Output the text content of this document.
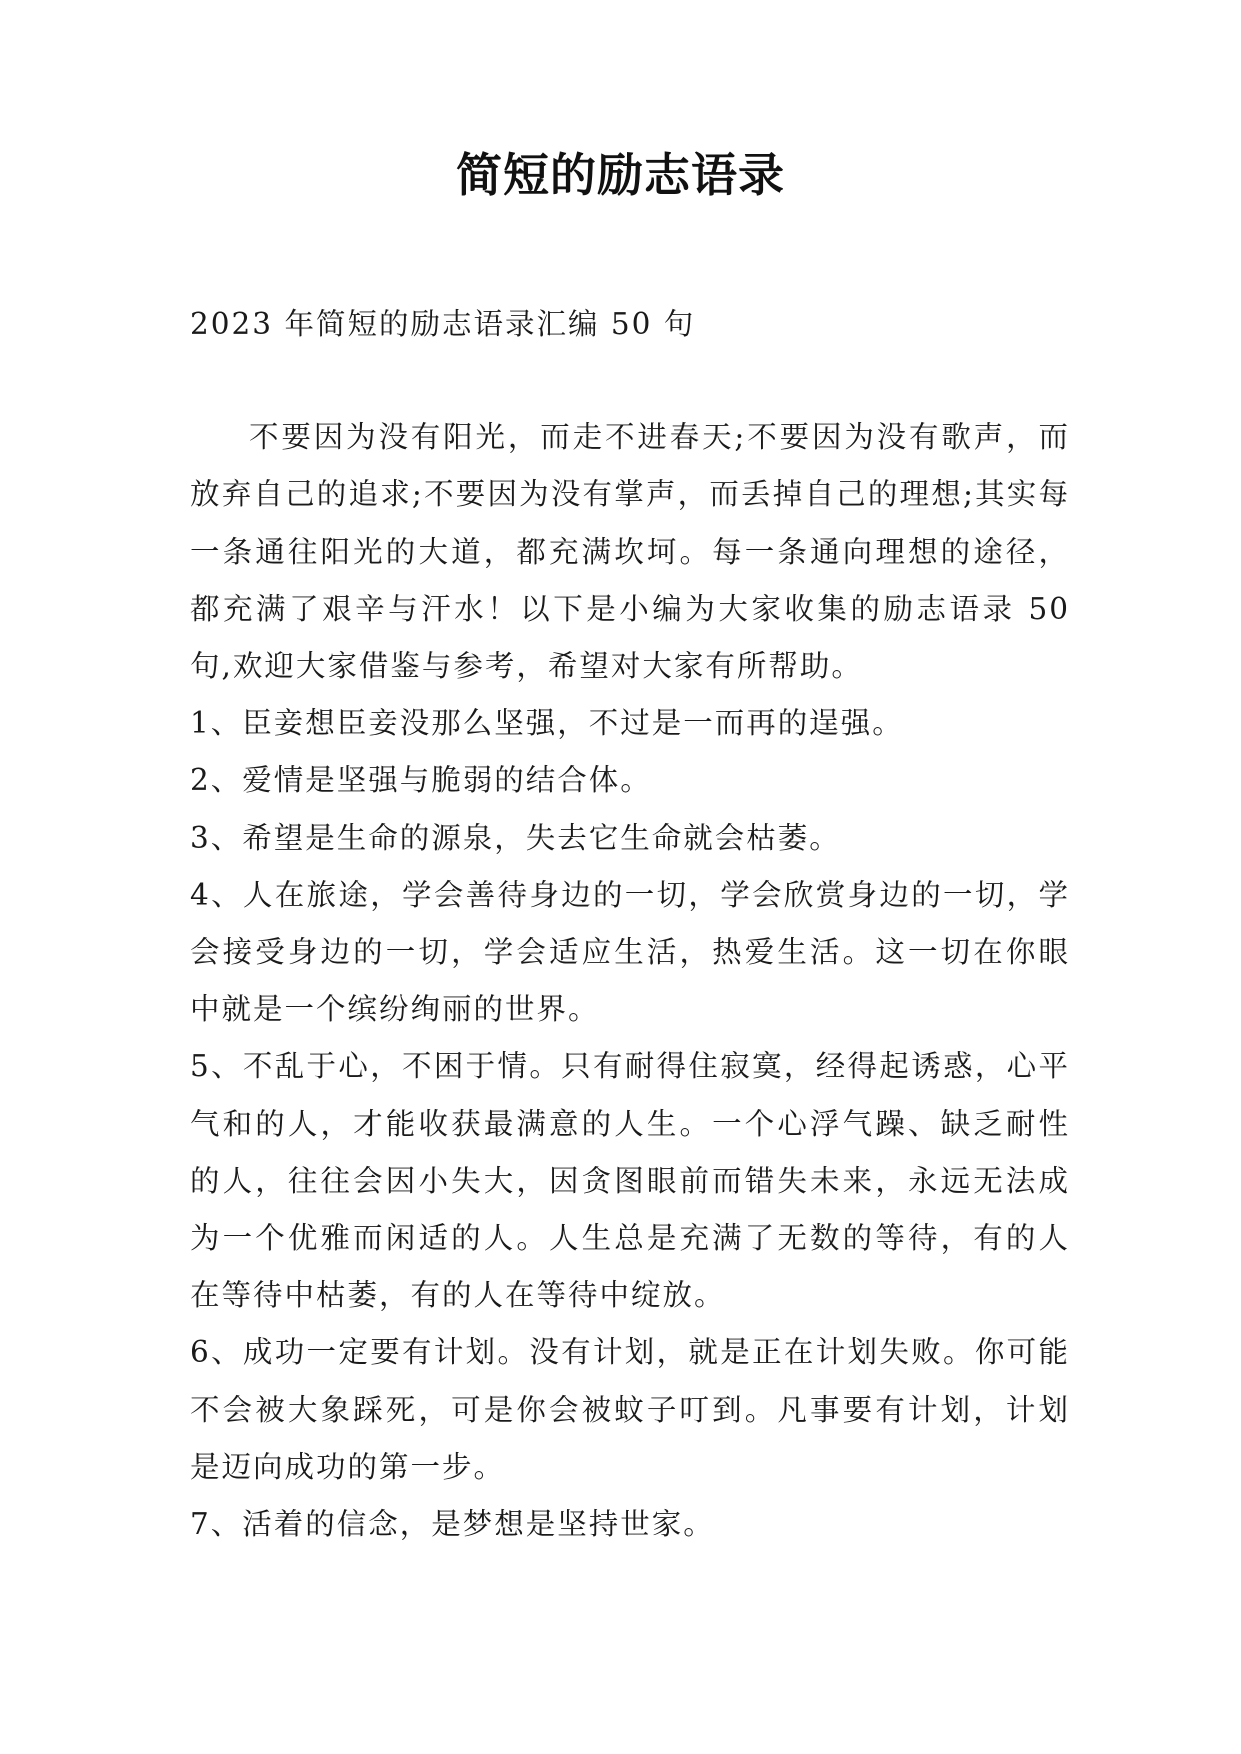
简短的励志语录

2023 年简短的励志语录汇编 50 句

不要因为没有阳光，而走不进春天;不要因为没有歌声，而放弃自己的追求;不要因为没有掌声，而丢掉自己的理想;其实每一条通往阳光的大道，都充满坎坷。每一条通向理想的途径，都充满了艰辛与汗水！以下是小编为大家收集的励志语录 50 句,欢迎大家借鉴与参考，希望对大家有所帮助。

1、臣妾想臣妾没那么坚强，不过是一而再的逞强。

2、爱情是坚强与脆弱的结合体。

3、希望是生命的源泉，失去它生命就会枯萎。

4、人在旅途，学会善待身边的一切，学会欣赏身边的一切，学会接受身边的一切，学会适应生活，热爱生活。这一切在你眼中就是一个缤纷绚丽的世界。

5、不乱于心，不困于情。只有耐得住寂寞，经得起诱惑，心平气和的人，才能收获最满意的人生。一个心浮气躁、缺乏耐性的人，往往会因小失大，因贪图眼前而错失未来，永远无法成为一个优雅而闲适的人。人生总是充满了无数的等待，有的人在等待中枯萎，有的人在等待中绽放。

6、成功一定要有计划。没有计划，就是正在计划失败。你可能不会被大象踩死，可是你会被蚊子叮到。凡事要有计划，计划是迈向成功的第一步。

7、活着的信念，是梦想是坚持世家。
